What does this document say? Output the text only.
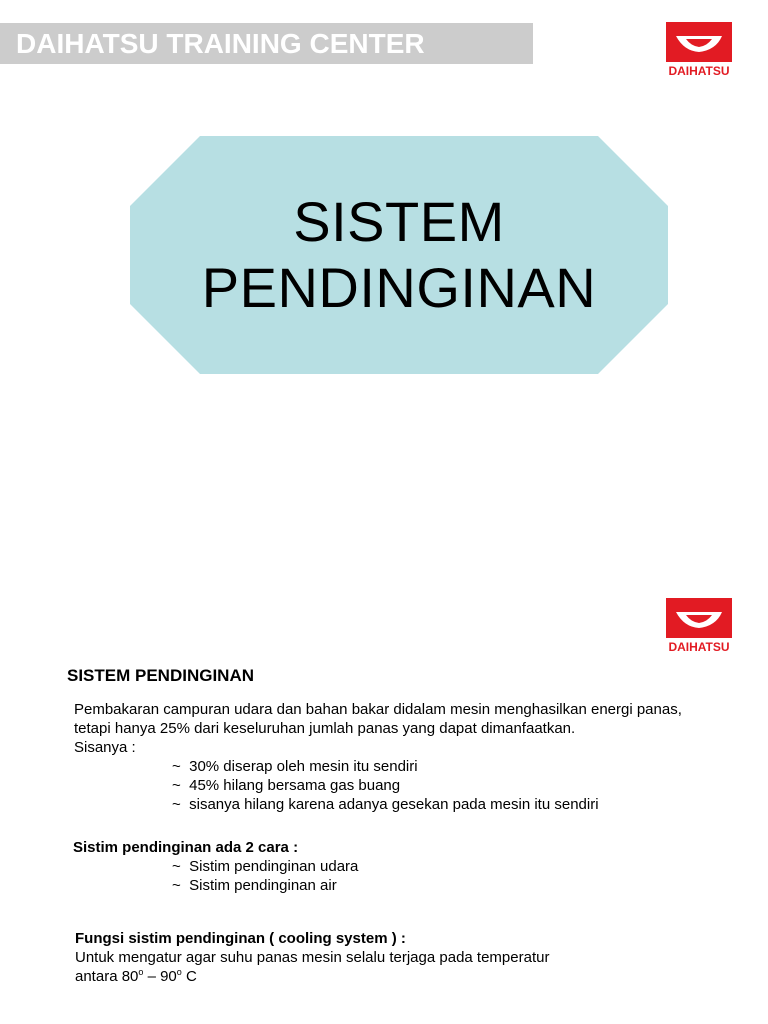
DAIHATSU
SISTEM
PENDINGINAN
DAIHATSU TRAINING CENTER
DAIHATSU
SISTEM PENDINGINAN
Pembakaran campuran udara dan bahan bakar didalam mesin menghasilkan energi panas,
tetapi hanya 25% dari keseluruhan jumlah panas yang dapat dimanfaatkan.
Sisanya :
~ 30% diserap oleh mesin itu sendiri
~ 45% hilang bersama gas buang
~ sisanya hilang karena adanya gesekan pada mesin itu sendiri
Sistim pendinginan ada 2 cara :
~ Sistim pendinginan udara
~ Sistim pendinginan air
Fungsi sistim pendinginan ( cooling system ) :
Untuk mengatur agar suhu panas mesin selalu terjaga pada temperatur
antara 80$^o$ – 90$^o$ C
